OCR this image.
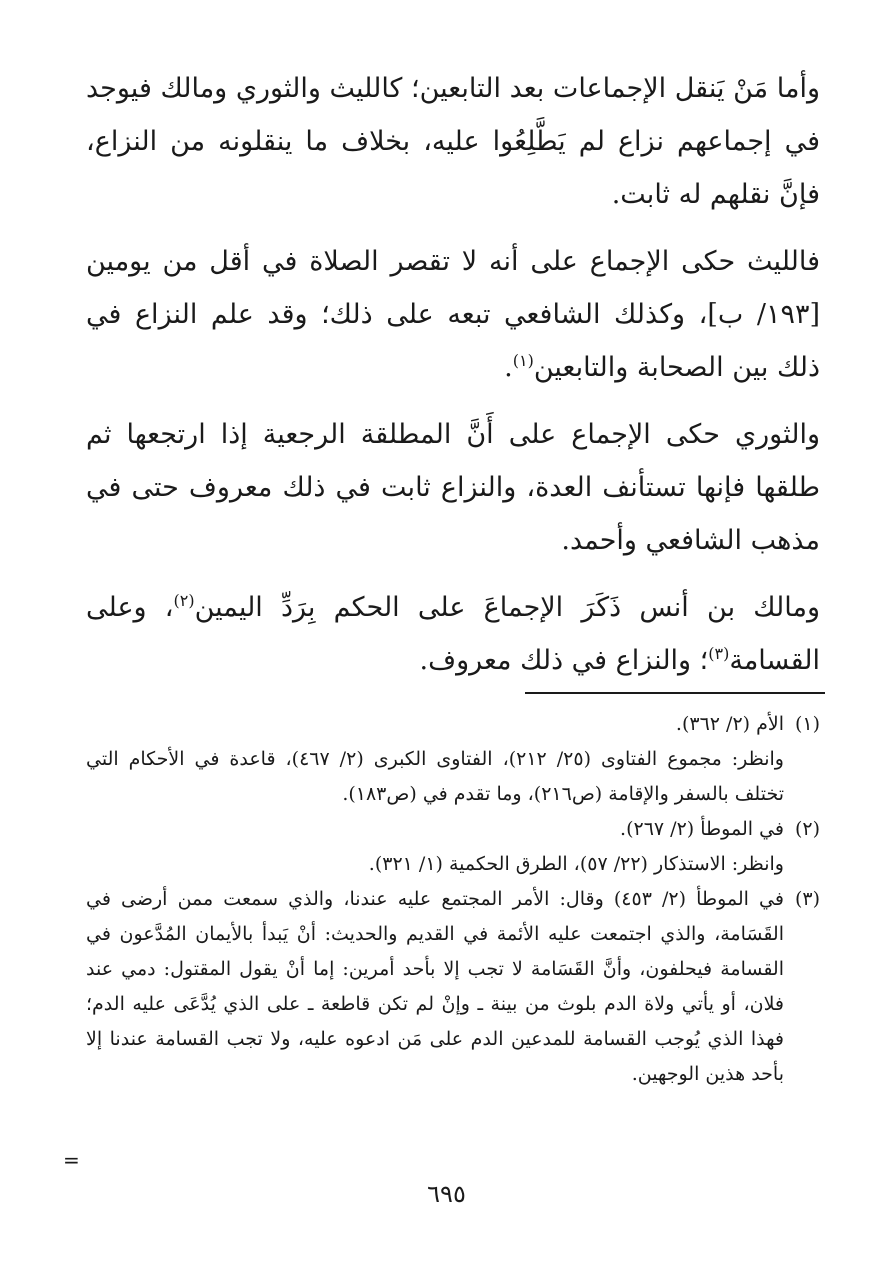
وأما مَنْ يَنقل الإجماعات بعد التابعين؛ كالليث والثوري ومالك فيوجد في إجماعهم نزاع لم يَطَّلِعُوا عليه، بخلاف ما ينقلونه من النزاع، فإنَّ نقلهم له ثابت.

فالليث حكى الإجماع على أنه لا تقصر الصلاة في أقل من يومين [١٩٣/ ب]، وكذلك الشافعي تبعه على ذلك؛ وقد علم النزاع في ذلك بين الصحابة والتابعين$^{(١)}$.

والثوري حكى الإجماع على أَنَّ المطلقة الرجعية إذا ارتجعها ثم طلقها فإنها تستأنف العدة، والنزاع ثابت في ذلك معروف حتى في مذهب الشافعي وأحمد.

ومالك بن أنس ذَكَرَ الإجماعَ على الحكم بِرَدِّ اليمين$^{(٢)}$، وعلى القسامة$^{(٣)}$؛ والنزاع في ذلك معروف.

(١)

الأم (٢/ ٣٦٢).

وانظر: مجموع الفتاوى (٢٥/ ٢١٢)، الفتاوى الكبرى (٢/ ٤٦٧)، قاعدة في الأحكام التي تختلف بالسفر والإقامة (ص٢١٦)، وما تقدم في (ص١٨٣).

(٢)

في الموطأ (٢/ ٢٦٧).

وانظر: الاستذكار (٢٢/ ٥٧)، الطرق الحكمية (١/ ٣٢١).

(٣)

في الموطأ (٢/ ٤٥٣) وقال: الأمر المجتمع عليه عندنا، والذي سمعت ممن أرضى في القَسَامة، والذي اجتمعت عليه الأئمة في القديم والحديث: أنْ يَبدأ بالأيمان المُدَّعون في القسامة فيحلفون، وأنَّ القَسَامة لا تجب إلا بأحد أمرين: إما أنْ يقول المقتول: دمي عند فلان، أو يأتي ولاة الدم بلوث من بينة ـ وإنْ لم تكن قاطعة ـ على الذي يُدَّعَى عليه الدم؛ فهذا الذي يُوجب القسامة للمدعين الدم على مَن ادعوه عليه، ولا تجب القسامة عندنا إلا بأحد هذين الوجهين.

=
٦٩٥
